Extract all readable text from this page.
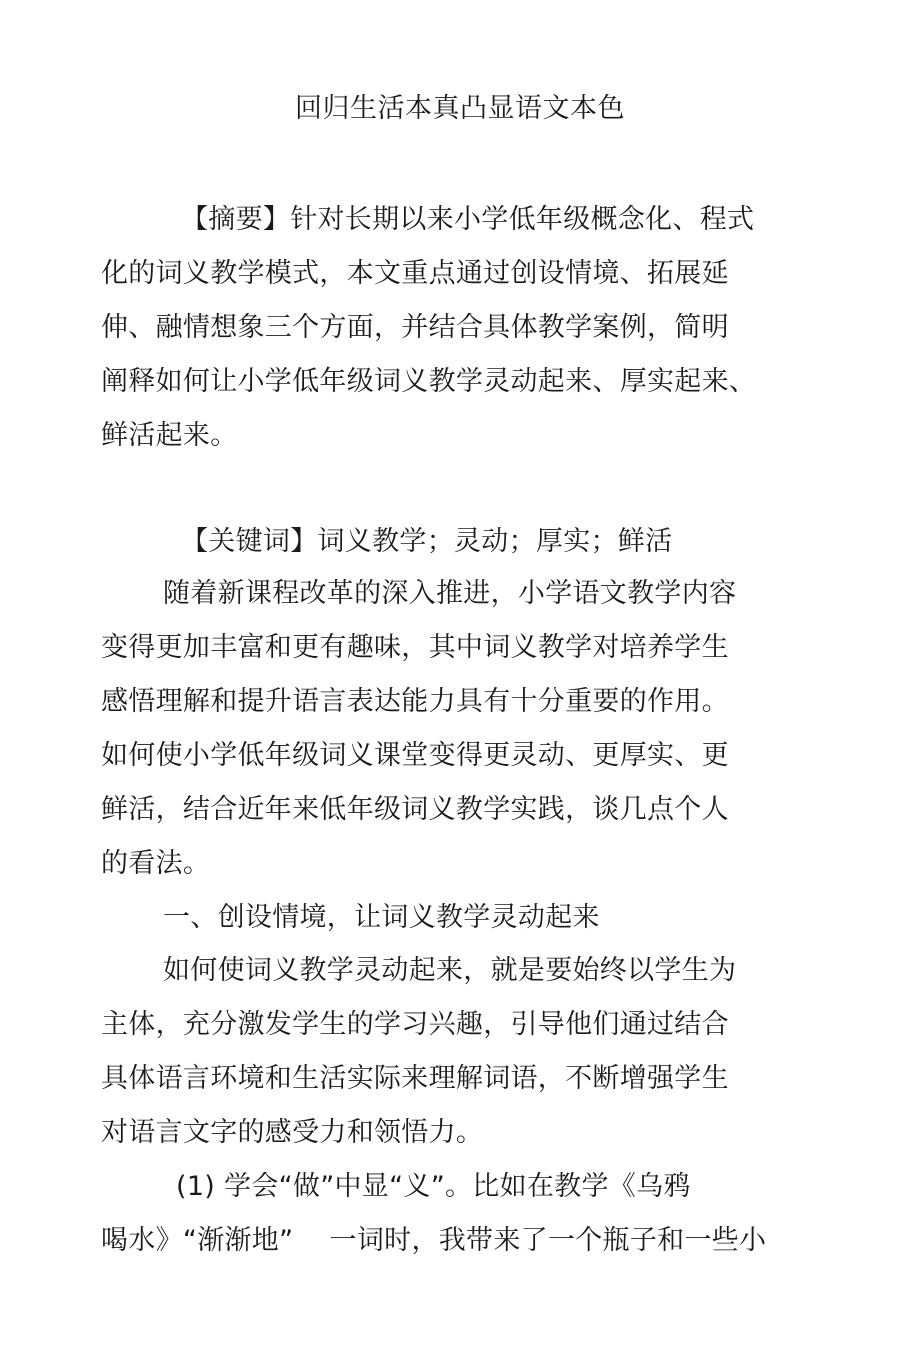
回归生活本真凸显语文本色
【摘要】针对长期以来小学低年级概念化、程式
化的词义教学模式，本文重点通过创设情境、拓展延
伸、融情想象三个方面，并结合具体教学案例，简明
阐释如何让小学低年级词义教学灵动起来、厚实起来、
鲜活起来。
【关键词】词义教学；灵动；厚实；鲜活
随着新课程改革的深入推进，小学语文教学内容
变得更加丰富和更有趣味，其中词义教学对培养学生
感悟理解和提升语言表达能力具有十分重要的作用。
如何使小学低年级词义课堂变得更灵动、更厚实、更
鲜活，结合近年来低年级词义教学实践，谈几点个人
的看法。
一、创设情境，让词义教学灵动起来
如何使词义教学灵动起来，就是要始终以学生为
主体，充分激发学生的学习兴趣，引导他们通过结合
具体语言环境和生活实际来理解词语，不断增强学生
对语言文字的感受力和领悟力。
(1) 学会“做”中显“义”。比如在教学《乌鸦
喝水》“渐渐地”　 一词时，我带来了一个瓶子和一些小
